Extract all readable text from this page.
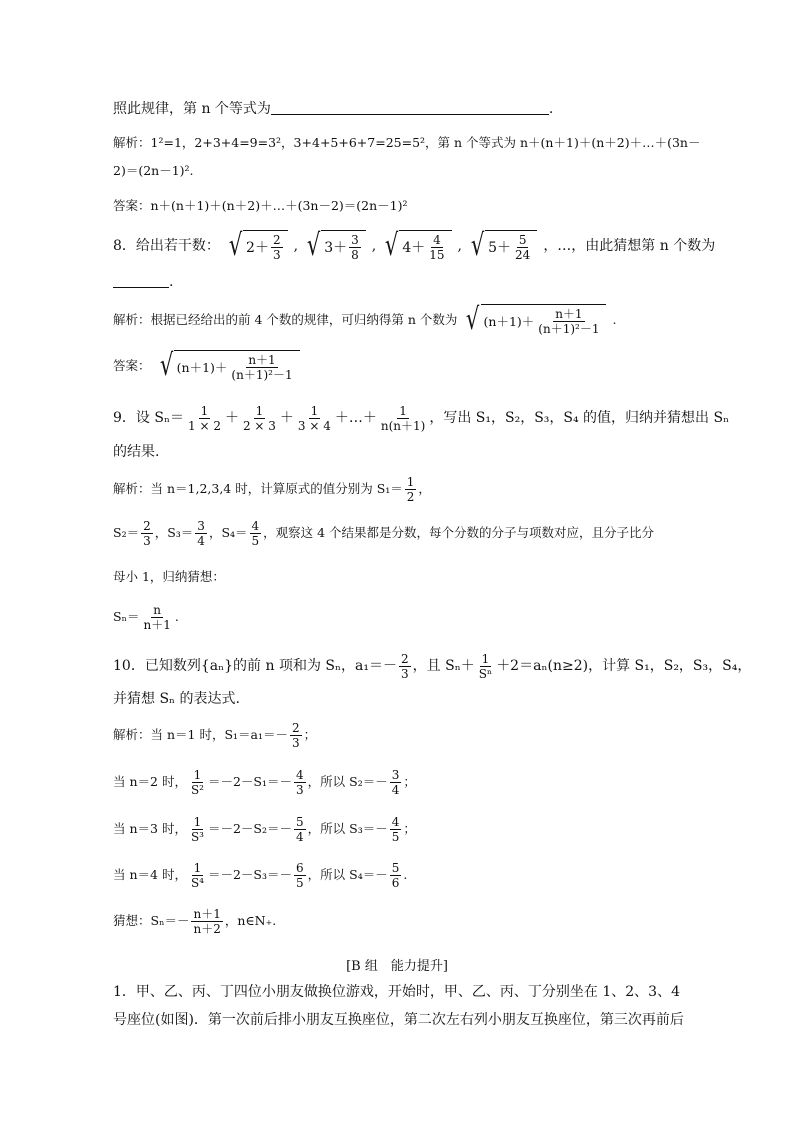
照此规律，第 n 个等式为	.
解析：1²=1，2+3+4=9=3²，3+4+5+6+7=25=5²，第 n 个等式为 n＋(n＋1)＋(n＋2)＋…＋(3n－
2)＝(2n－1)².
答案：n＋(n＋1)＋(n＋2)＋…＋(3n－2)＝(2n－1)²
8．给出若干数： √ $2+ \frac{2}{3}$ , √ $3+ \frac{3}{8}$ , √ $4+ \frac{4}{15}$ , √ $5+ \frac{5}{24}$ ，…，由此猜想第 n 个数为
.
解析：根据已经给出的前 4 个数的规律，可归纳得第 n 个数为 √ $(n+1)+ \frac{n+1}{\text{(n＋1)²－1}}$ .
答案： √ $(n+1)+ \frac{n+1}{\text{(n＋1)²－1}}$
9．设 $S_n= \frac{1}{1 \times 2} + \frac{1}{2 \times 3} + \frac{1}{3 \times 4}$ ＋…＋ $\frac{1}{n(n+1)}$ ，写出 S₁，S₂，S₃，S₄ 的值，归纳并猜想出 Sₙ
的结果.
解析：当 n＝1,2,3,4 时，计算原式的值分别为 $S_1= \frac{1}{2}$ ，
$S_2= \frac{2}{3}$ ，$S_3= \frac{3}{4}$ ，$S_4= \frac{4}{5}$ ，观察这 4 个结果都是分数，每个分数的分子与项数对应，且分子比分
母小 1，归纳猜想：
$S_n= \frac{n}{n+1}$ .
10．已知数列{aₙ}的前 n 项和为 Sₙ，$a_1=- \frac{2}{3}$ ，且 $S_n+ \frac{1}{\text{Sⁿ}} +2=a_n(n\ge 2)$，计算 S₁，S₂，S₃，S₄，
并猜想 Sₙ 的表达式.
解析：当 n＝1 时，$S_1=a_1=- \frac{2}{3}$ ；
当 n＝2 时， $\frac{1}{\text{S²}} =-2-S_1=- \frac{4}{3}$ ，所以 $S_2=- \frac{3}{4}$ ；
当 n＝3 时， $\frac{1}{\text{S³}} =-2-S_2=- \frac{5}{4}$ ，所以 $S_3=- \frac{4}{5}$ ；
当 n＝4 时， $\frac{1}{\text{S⁴}} =-2-S_3=- \frac{6}{5}$ ，所以 $S_4=- \frac{5}{6}$ .
猜想：$S_n=- \frac{n+1}{n+2}$ ，n∈N₊.
[B 组　能力提升]
1．甲、乙、丙、丁四位小朋友做换位游戏，开始时，甲、乙、丙、丁分别坐在 1、2、3、4
号座位(如图)．第一次前后排小朋友互换座位，第二次左右列小朋友互换座位，第三次再前后
